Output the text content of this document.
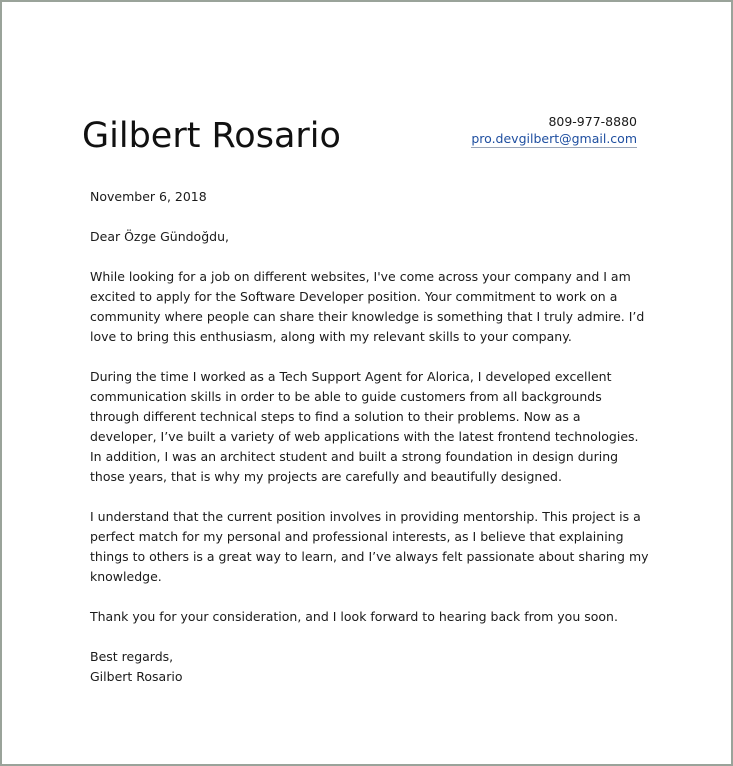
Gilbert Rosario	809-977-8880
pro.devgilbert@gmail.com

November 6, 2018

Dear Özge Gündoğdu,

While looking for a job on different websites, I've come across your company and I am excited to apply for the Software Developer position. Your commitment to work on a community where people can share their knowledge is something that I truly admire. I’d love to bring this enthusiasm, along with my relevant skills to your company.

During the time I worked as a Tech Support Agent for Alorica, I developed excellent communication skills in order to be able to guide customers from all backgrounds through different technical steps to find a solution to their problems. Now as a developer, I’ve built a variety of web applications with the latest frontend technologies. In addition, I was an architect student and built a strong foundation in design during those years, that is why my projects are carefully and beautifully designed.

I understand that the current position involves in providing mentorship. This project is a perfect match for my personal and professional interests, as I believe that explaining things to others is a great way to learn, and I’ve always felt passionate about sharing my knowledge.

Thank you for your consideration, and I look forward to hearing back from you soon.

Best regards,
Gilbert Rosario
